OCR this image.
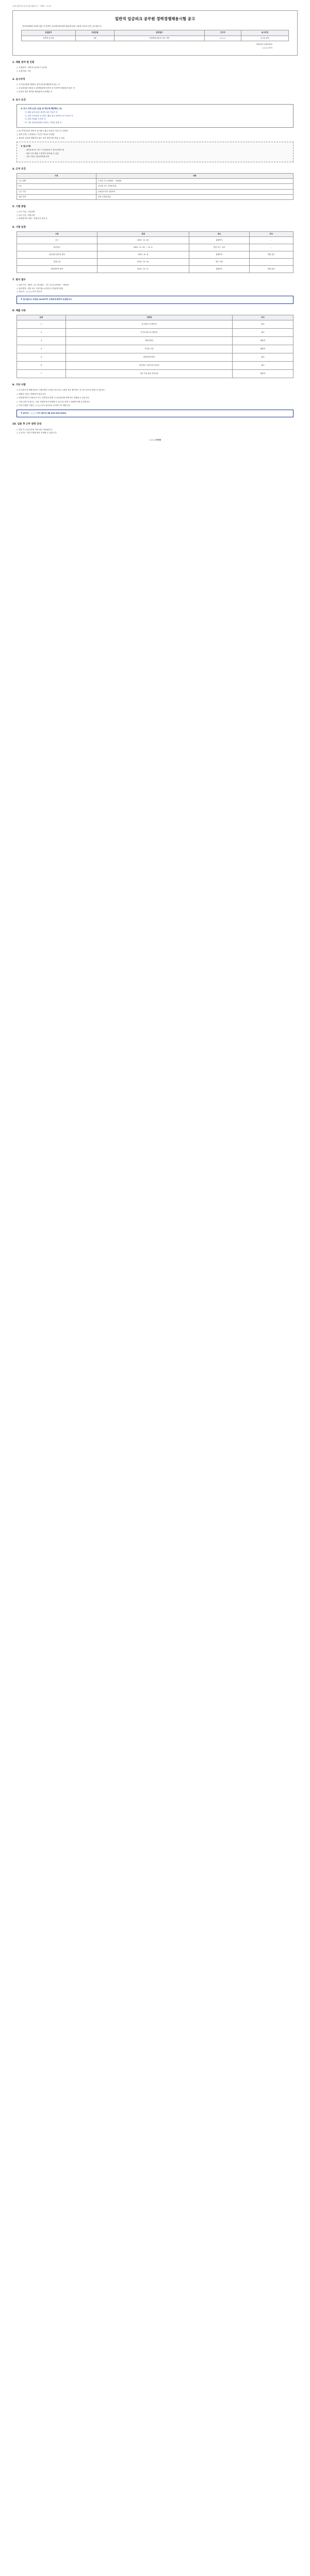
공개-일반공개 공공기관 채용공고 · 기관명 · 공고문
일반직 임금피크 공무원 경력경쟁채용시험 공고
경력경쟁채용시험에 대한 전 일반직 공무원(경력경쟁 채용)에 관한 사항을 다음과 같이 공고합니다.
모집분야	모집인원	담당업무	근무지	응시자격
일반직 공무원	1명	민원행정지원 및 업무 전반	○○○○	공고문 참조
2021년 11월 24일
○○○○지사
1. 채용 분야 및 인원
○ 모집분야 : 일반직 임금피크 공무원
○ 모집인원 : 1명
2. 응시자격
○ 국가공무원법 제33조 결격사유에 해당하지 않는 자
○ 공무원임용시험령 등 관계법령에 의하여 응시자격이 제한되지 않은 자
○ 남자의 경우 병역을 필하였거나 면제된 자
3. 응시 요건
※ 응시 자격 요건 (다음 중 하나에 해당하는 자)
가. 해당 분야 관련 경력이 3년 이상인 자
나. 관련 자격증을 소지하고 해당 분야 경력이 1년 이상인 자
다. 관련 학위를 소지한 자
라. 기타 관계 법령에서 정하는 자격을 갖춘 자
○ 위 자격요건의 경력은 응시원서 접수 마감일 기준으로 산정함
○ 경력 산정 시 중복되는 기간은 하나로 산정함
○ 필요한 서류를 제출하지 않은 경우 불이익을 받을 수 있음
※ 참고사항
- 경력증명서는 반드시 담당업무가 명시되어야 함
- 허위 서류 제출 시 합격이 취소될 수 있음
- 기타 사항은 담당자에게 문의
4. 근무 조건
구분	내용
근무 형태	주 5일 근무 (09:00 ~ 18:00)
보수	공무원 보수 규정에 따름
근무 기간	임용일로부터 정년까지
복리 후생	관련 규정에 따름
5. 시험 방법
○ 1차 시험 : 서류전형
○ 2차 시험 : 면접시험
○ 최종합격자 결정 : 면접시험 성적 순
6. 시험 일정
구분	일정	장소	비고
공고	2021. 11. 24.	홈페이지	-
원서접수	2021. 11. 29. ~ 12. 3.	방문 또는 우편	-
서류전형 합격자 발표	2021. 12. 8.	홈페이지	개별 통보
면접시험	2021. 12. 14.	별도 안내	-
최종합격자 발표	2021. 12. 17.	홈페이지	개별 통보
7. 원서 접수
○ 접수기간 : 2021. 11. 29.(월) ~ 12. 3.(금) 09:00 ~ 18:00
○ 접수방법 : 방문 또는 우편 접수 (마감일 도착분에 한함)
○ 접수처 : ○○○○지사 총무과
※ 원서접수는 마감일 18:00까지 도착분에 한하여 유효합니다.
8. 제출 서류
순번	서류명	비고
1	응시원서 (소정양식)	필수
2	자기소개서 (소정양식)	필수
3	경력증명서	해당자
4	자격증 사본	해당자
5	최종학력증명서	필수
6	개인정보 수집·이용 동의서	필수
7	기타 가점 관련 증빙서류	해당자
9. 기타 사항
○ 응시원서 및 제출서류의 기재사항이 사실과 다르거나 누락된 경우 불이익은 응시자 본인의 책임으로 합니다.
○ 제출된 서류는 반환하지 않습니다.
○ 최종합격자가 임용포기 또는 결격사유 발생 시 차순위자를 합격자로 결정할 수 있습니다.
○ 시험 일정 및 장소는 기관 사정에 따라 변경될 수 있으며, 변경 시 홈페이지에 공고합니다.
○ 기타 자세한 사항은 ○○○○지사 총무과로 문의하시기 바랍니다.
※ 문의처 : ○○○○지사 총무과 (☎ 000-000-0000)
10. 임용 후 근무 관련 안내
○ 임용 후 수습기간을 거쳐 정규 임용됩니다.
○ 근무지는 기관 사정에 따라 조정될 수 있습니다.
○○○○지사장
